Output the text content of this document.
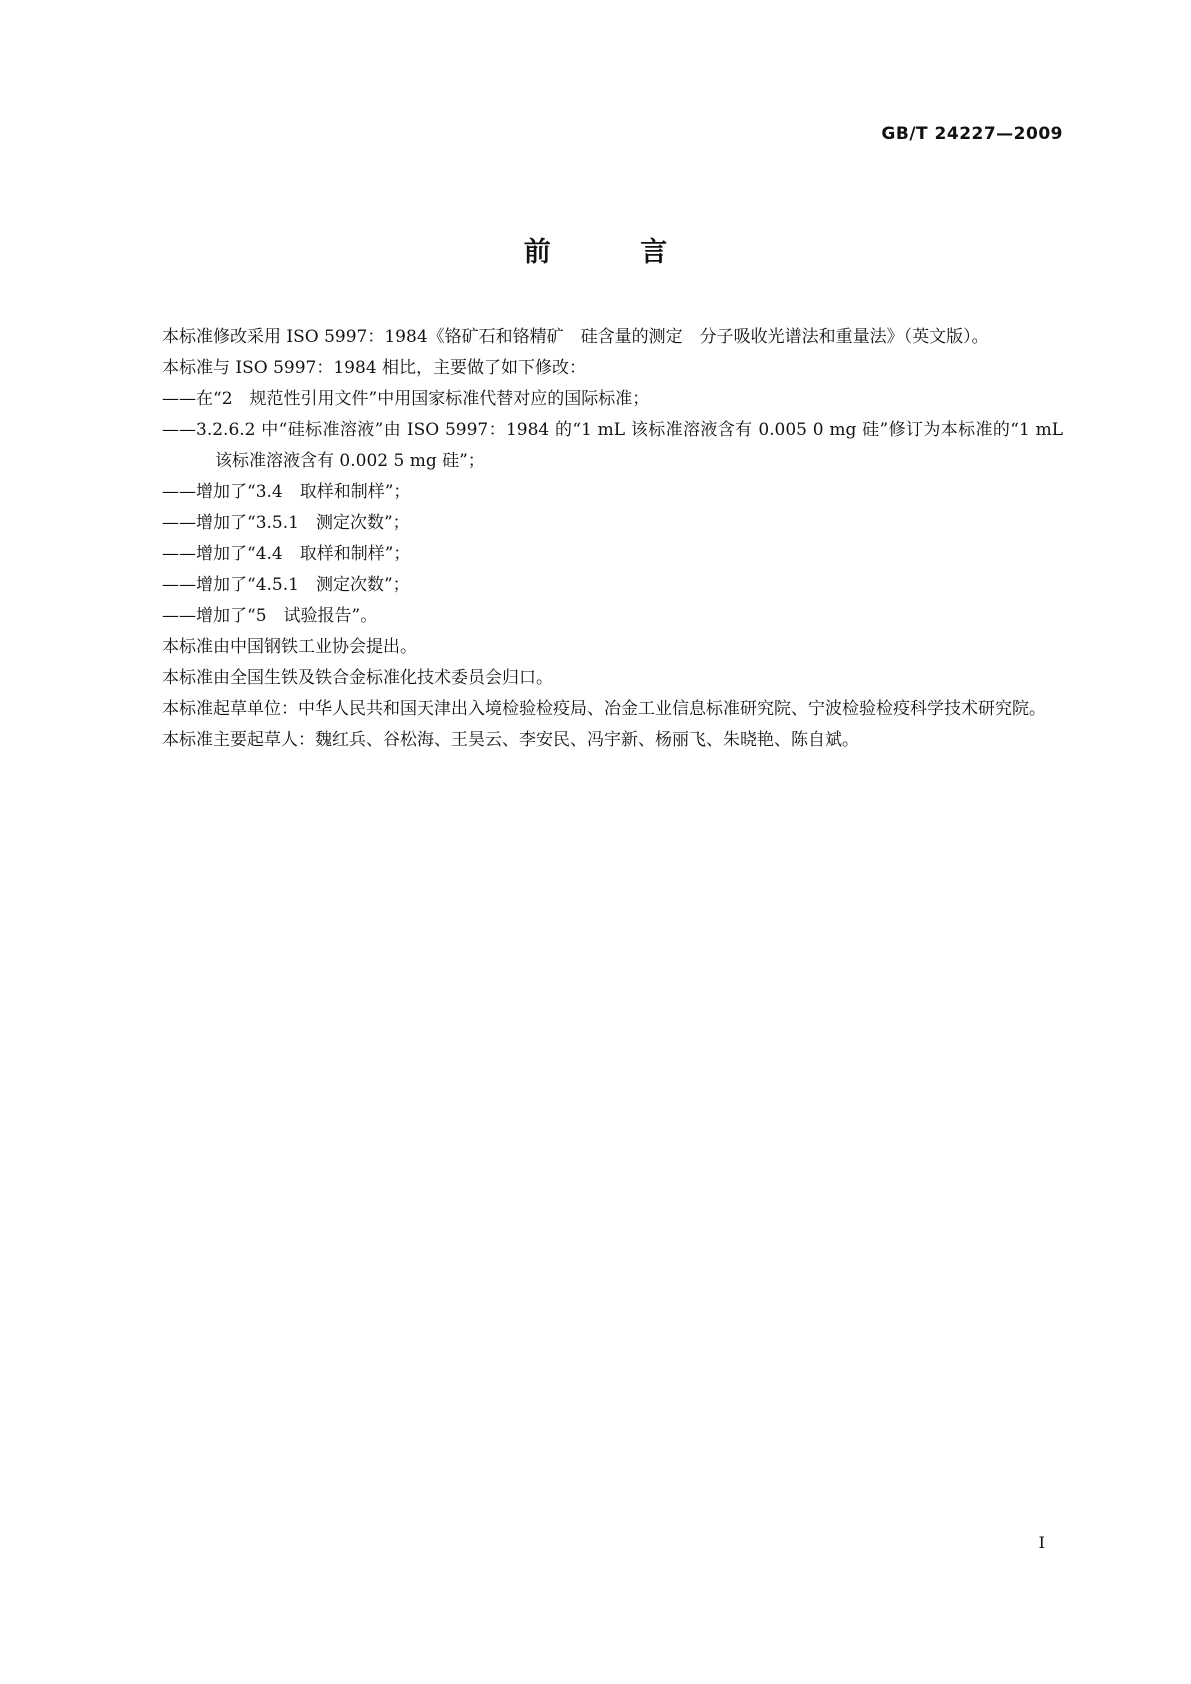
GB/T 24227—2009
前 言

本标准修改采用 ISO 5997：1984《铬矿石和铬精矿　硅含量的测定　分子吸收光谱法和重量法》（英文版）。

本标准与 ISO 5997：1984 相比，主要做了如下修改：

——在“2　规范性引用文件”中用国家标准代替对应的国际标准；

——3.2.6.2 中“硅标准溶液”由 ISO 5997：1984 的“1 mL 该标准溶液含有 0.005 0 mg 硅”修订为本标准的“1 mL 该标准溶液含有 0.002 5 mg 硅”；

——增加了“3.4　取样和制样”；

——增加了“3.5.1　测定次数”；

——增加了“4.4　取样和制样”；

——增加了“4.5.1　测定次数”；

——增加了“5　试验报告”。

本标准由中国钢铁工业协会提出。

本标准由全国生铁及铁合金标准化技术委员会归口。

本标准起草单位：中华人民共和国天津出入境检验检疫局、冶金工业信息标准研究院、宁波检验检疫科学技术研究院。

本标准主要起草人：魏红兵、谷松海、王昊云、李安民、冯宇新、杨丽飞、朱晓艳、陈自斌。

I
